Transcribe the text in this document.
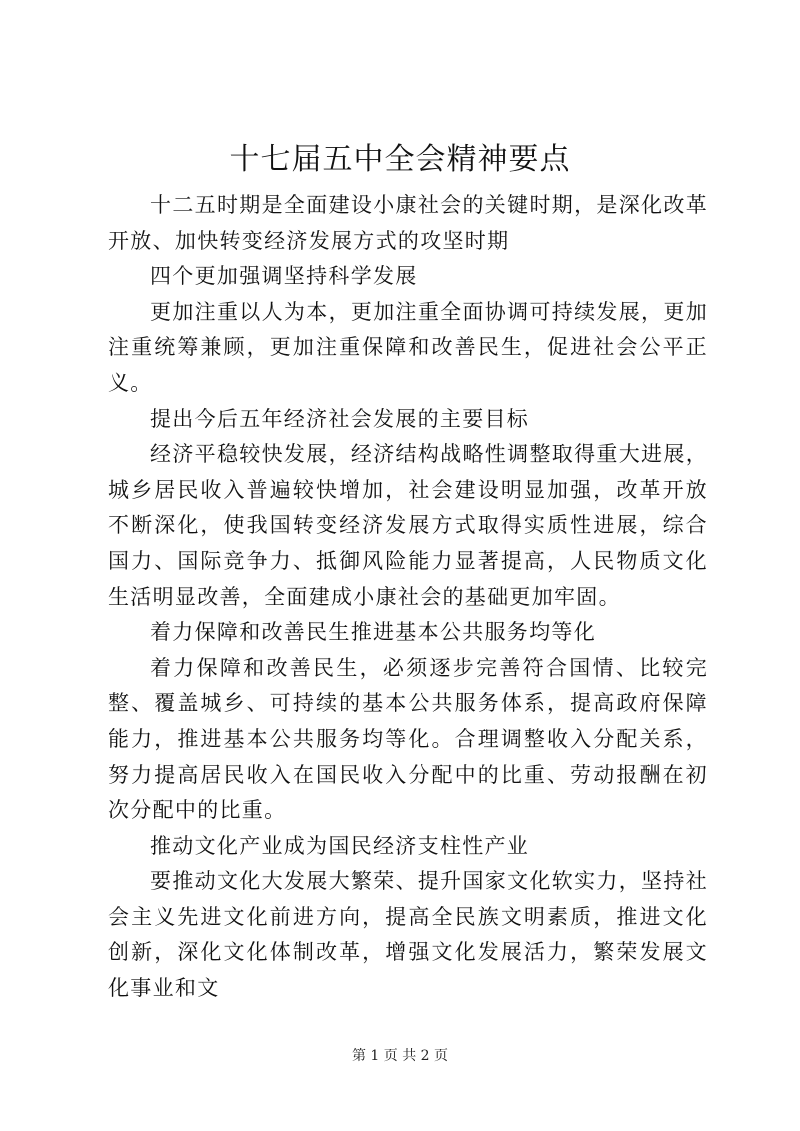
十七届五中全会精神要点

十二五时期是全面建设小康社会的关键时期，是深化改革开放、加快转变经济发展方式的攻坚时期

四个更加强调坚持科学发展

更加注重以人为本，更加注重全面协调可持续发展，更加注重统筹兼顾，更加注重保障和改善民生，促进社会公平正义。

提出今后五年经济社会发展的主要目标

经济平稳较快发展，经济结构战略性调整取得重大进展，城乡居民收入普遍较快增加，社会建设明显加强，改革开放不断深化，使我国转变经济发展方式取得实质性进展，综合国力、国际竞争力、抵御风险能力显著提高，人民物质文化生活明显改善，全面建成小康社会的基础更加牢固。

着力保障和改善民生推进基本公共服务均等化

着力保障和改善民生，必须逐步完善符合国情、比较完整、覆盖城乡、可持续的基本公共服务体系，提高政府保障能力，推进基本公共服务均等化。合理调整收入分配关系，努力提高居民收入在国民收入分配中的比重、劳动报酬在初次分配中的比重。

推动文化产业成为国民经济支柱性产业

要推动文化大发展大繁荣、提升国家文化软实力，坚持社会主义先进文化前进方向，提高全民族文明素质，推进文化创新，深化文化体制改革，增强文化发展活力，繁荣发展文化事业和文

第 1 页 共 2 页
